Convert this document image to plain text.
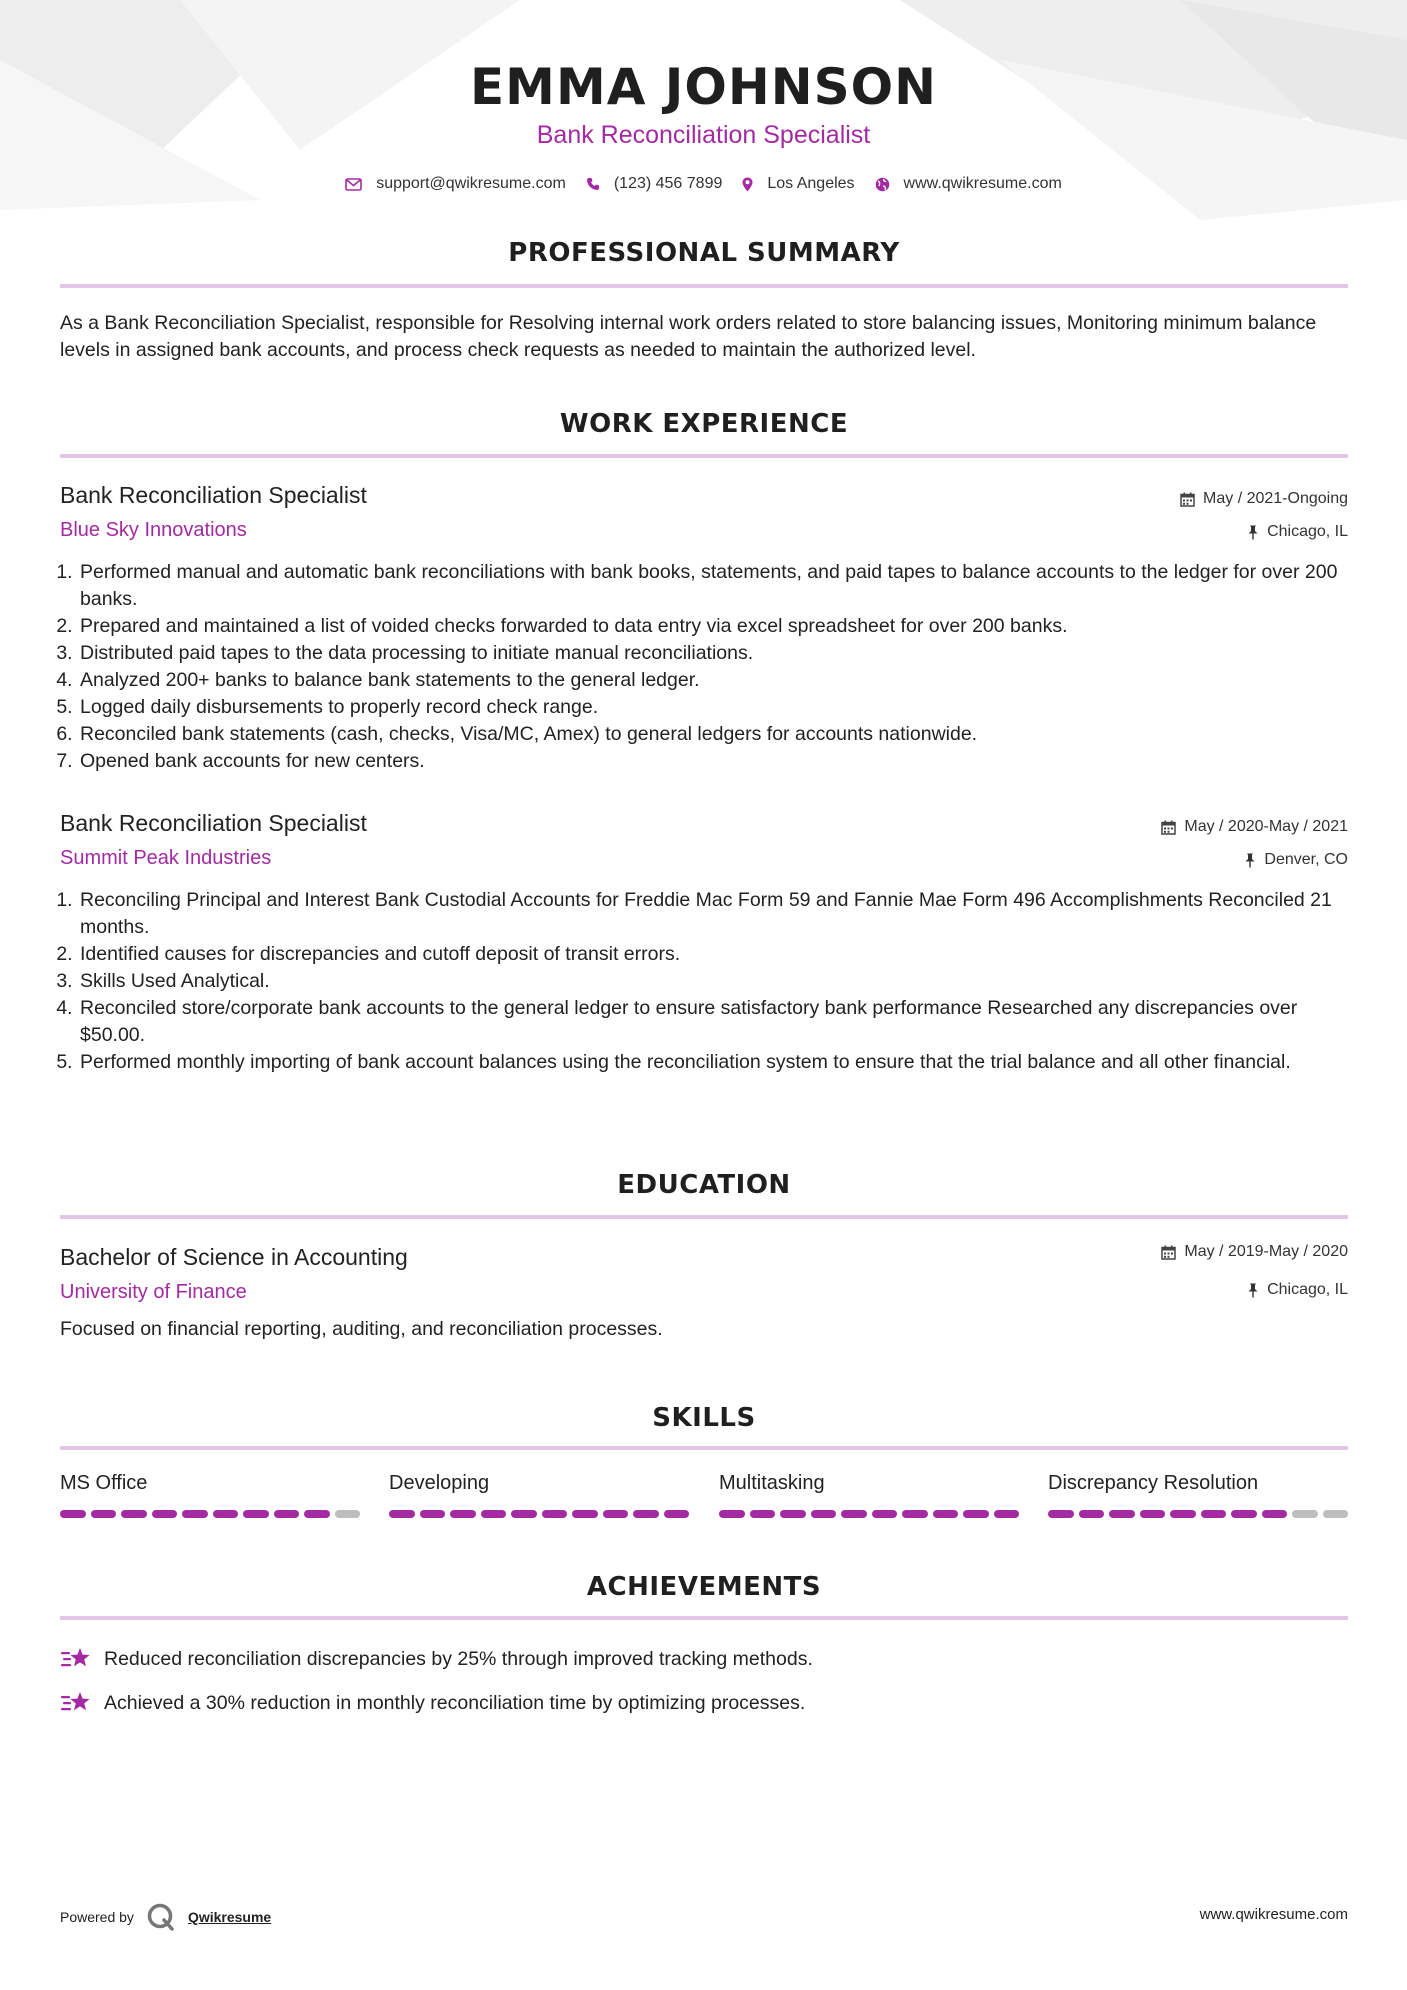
EMMA JOHNSON
Bank Reconciliation Specialist
support@qwikresume.com	(123) 456 7899	Los Angeles	www.qwikresume.com
PROFESSIONAL SUMMARY
As a Bank Reconciliation Specialist, responsible for Resolving internal work orders related to store balancing issues, Monitoring minimum balance levels in assigned bank accounts, and process check requests as needed to maintain the authorized level.
WORK EXPERIENCE
Bank Reconciliation Specialist
Blue Sky Innovations
May / 2021-Ongoing
Chicago, IL
1. Performed manual and automatic bank reconciliations with bank books, statements, and paid tapes to balance accounts to the ledger for over 200 banks.
2. Prepared and maintained a list of voided checks forwarded to data entry via excel spreadsheet for over 200 banks.
3. Distributed paid tapes to the data processing to initiate manual reconciliations.
4. Analyzed 200+ banks to balance bank statements to the general ledger.
5. Logged daily disbursements to properly record check range.
6. Reconciled bank statements (cash, checks, Visa/MC, Amex) to general ledgers for accounts nationwide.
7. Opened bank accounts for new centers.
Bank Reconciliation Specialist
Summit Peak Industries
May / 2020-May / 2021
Denver, CO
1. Reconciling Principal and Interest Bank Custodial Accounts for Freddie Mac Form 59 and Fannie Mae Form 496 Accomplishments Reconciled 21 months.
2. Identified causes for discrepancies and cutoff deposit of transit errors.
3. Skills Used Analytical.
4. Reconciled store/corporate bank accounts to the general ledger to ensure satisfactory bank performance Researched any discrepancies over $50.00.
5. Performed monthly importing of bank account balances using the reconciliation system to ensure that the trial balance and all other financial.
EDUCATION
Bachelor of Science in Accounting
University of Finance
May / 2019-May / 2020
Chicago, IL
Focused on financial reporting, auditing, and reconciliation processes.
SKILLS
MS Office	Developing	Multitasking	Discrepancy Resolution
ACHIEVEMENTS
Reduced reconciliation discrepancies by 25% through improved tracking methods.
Achieved a 30% reduction in monthly reconciliation time by optimizing processes.
Powered by	Qwikresume	www.qwikresume.com
